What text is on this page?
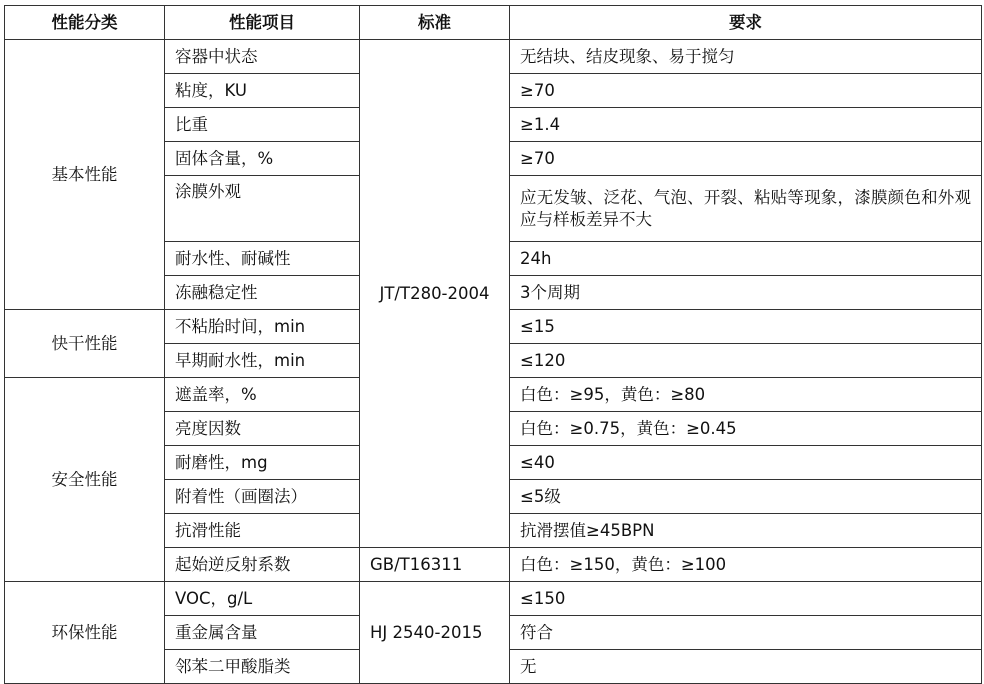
性能分类	性能项目	标准	要求
基本性能	容器中状态	JT/T280-2004	无结块、结皮现象、易于搅匀
	粘度，KU		≥70
	比重		≥1.4
	固体含量，%		≥70
	涂膜外观		应无发皱、泛花、气泡、开裂、粘贴等现象，漆膜颜色和外观应与样板差异不大
	耐水性、耐碱性		24h
	冻融稳定性		3个周期
快干性能	不粘胎时间，min		≤15
	早期耐水性，min		≤120
安全性能	遮盖率，%		白色：≥95，黄色：≥80
	亮度因数		白色：≥0.75，黄色：≥0.45
	耐磨性，mg		≤40
	附着性（画圈法）		≤5级
	抗滑性能		抗滑摆值≥45BPN
	起始逆反射系数	GB/T16311	白色：≥150，黄色：≥100
环保性能	VOC，g/L	HJ 2540-2015	≤150
	重金属含量		符合
	邻苯二甲酸脂类		无
